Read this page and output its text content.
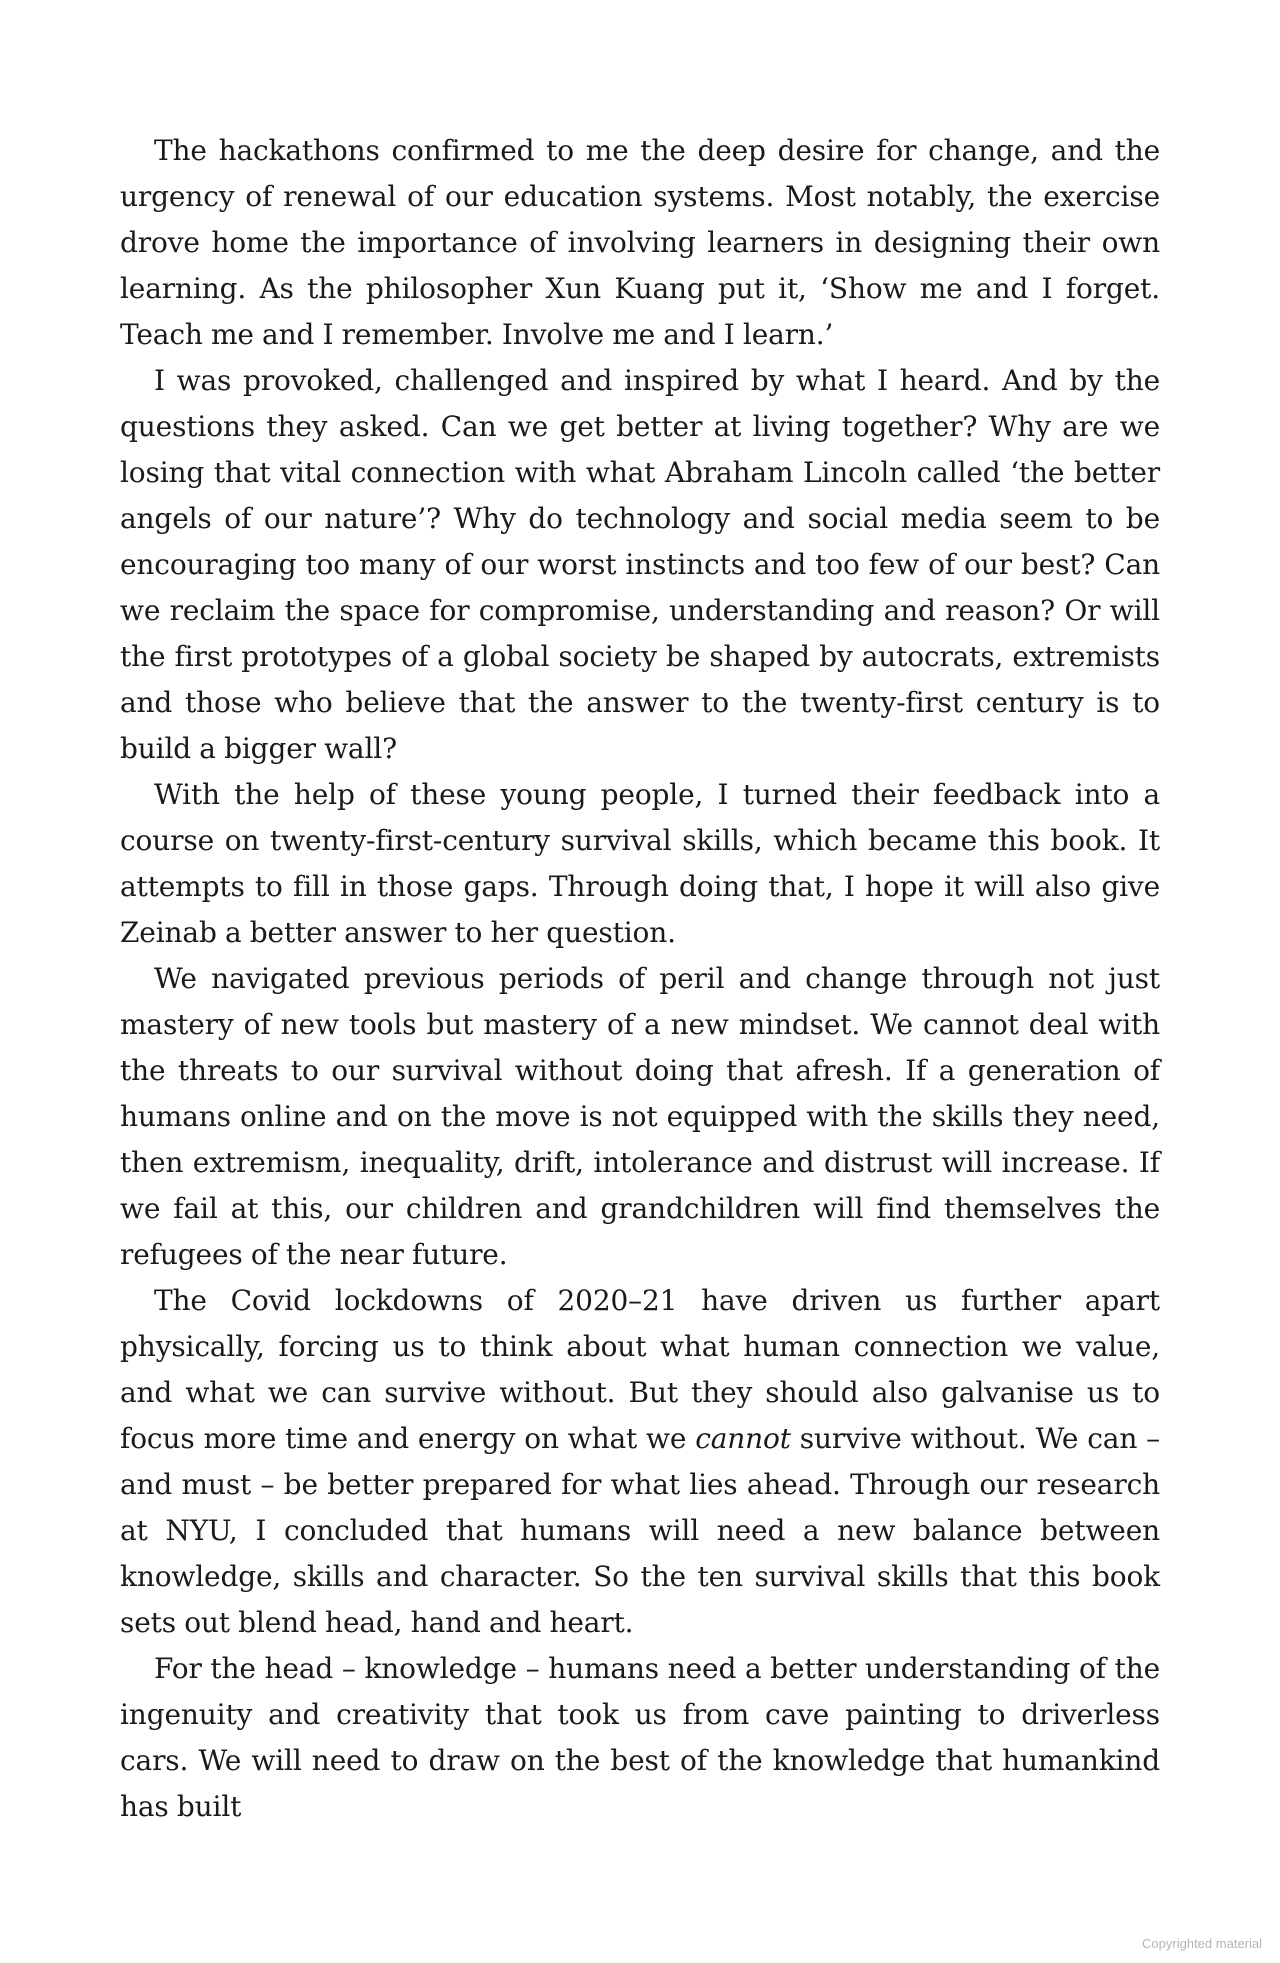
The hackathons confirmed to me the deep desire for change, and the urgency of renewal of our education systems. Most notably, the exercise drove home the importance of involving learners in designing their own learning. As the philosopher Xun Kuang put it, ‘Show me and I forget. Teach me and I remember. Involve me and I learn.’

I was provoked, challenged and inspired by what I heard. And by the questions they asked. Can we get better at living together? Why are we losing that vital connection with what Abraham Lincoln called ‘the better angels of our nature’? Why do technology and social media seem to be encouraging too many of our worst instincts and too few of our best? Can we reclaim the space for compromise, understanding and reason? Or will the first prototypes of a global society be shaped by autocrats, extremists and those who believe that the answer to the twenty-first century is to build a bigger wall?

With the help of these young people, I turned their feedback into a course on twenty-first-century survival skills, which became this book. It attempts to fill in those gaps. Through doing that, I hope it will also give Zeinab a better answer to her question.

We navigated previous periods of peril and change through not just mastery of new tools but mastery of a new mindset. We cannot deal with the threats to our survival without doing that afresh. If a generation of humans online and on the move is not equipped with the skills they need, then extremism, inequality, drift, intolerance and distrust will increase. If we fail at this, our children and grandchildren will find themselves the refugees of the near future.

The Covid lockdowns of 2020–21 have driven us further apart physically, forcing us to think about what human connection we value, and what we can survive without. But they should also galvanise us to focus more time and energy on what we cannot survive without. We can – and must – be better prepared for what lies ahead. Through our research at NYU, I concluded that humans will need a new balance between knowledge, skills and character. So the ten survival skills that this book sets out blend head, hand and heart.

For the head – knowledge – humans need a better understanding of the ingenuity and creativity that took us from cave painting to driverless cars. We will need to draw on the best of the knowledge that humankind has built

Copyrighted material
